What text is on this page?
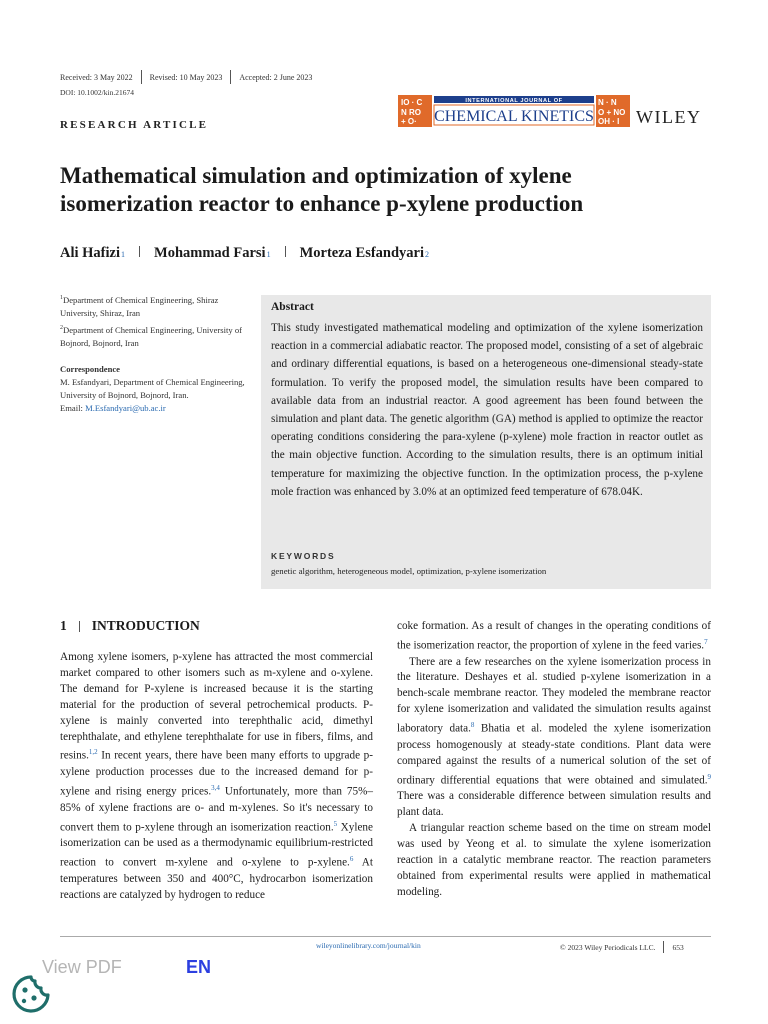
Received: 3 May 2022 Revised: 10 May 2023 Accepted: 2 June 2023
DOI: 10.1002/kin.21674
RESEARCH ARTICLE
IO · C
N RO
+ O·
N · N
O + NO
OH · I
INTERNATIONAL JOURNAL OF
CHEMICAL KINETICS WILEY
Mathematical simulation and optimization of xylene isomerization reactor to enhance p-xylene production
Ali Hafizi 1 Mohammad Farsi 1 Morteza Esfandyari 2
$^1$Department of Chemical Engineering, Shiraz University, Shiraz, Iran
$^2$Department of Chemical Engineering, University of Bojnord, Bojnord, Iran
Correspondence
M. Esfandyari, Department of Chemical Engineering, University of Bojnord, Bojnord, Iran.
Email: M.Esfandyari@ub.ac.ir
Abstract
This study investigated mathematical modeling and optimization of the xylene isomerization reaction in a commercial adiabatic reactor. The proposed model, consisting of a set of algebraic and ordinary differential equations, is based on a heterogeneous one-dimensional steady-state formulation. To verify the proposed model, the simulation results have been compared to available data from an industrial reactor. A good agreement has been found between the simulation and plant data. The genetic algorithm (GA) method is applied to optimize the reactor operating conditions considering the para-xylene (p-xylene) mole fraction in reactor outlet as the main objective function. According to the simulation results, there is an optimum initial temperature for maximizing the objective function. In the optimization process, the p-xylene mole fraction was enhanced by 3.0% at an optimized feed temperature of 678.04K.
KEYWORDS
genetic algorithm, heterogeneous model, optimization, p-xylene isomerization
1 INTRODUCTION

Among xylene isomers, p-xylene has attracted the most commercial market compared to other isomers such as m-xylene and o-xylene. The demand for P-xylene is increased because it is the starting material for the production of several petrochemical products. P-xylene is mainly converted into terephthalic acid, dimethyl terephthalate, and ethylene terephthalate for use in fibers, films, and resins.$^{1,2}$ In recent years, there have been many efforts to upgrade p-xylene production processes due to the increased demand for p-xylene and rising energy prices.$^{3,4}$ Unfortunately, more than 75%–85% of xylene fractions are o- and m-xylenes. So it's necessary to convert them to p-xylene through an isomerization reaction.$^5$ Xylene isomerization can be used as a thermodynamic equilibrium-restricted reaction to convert m-xylene and o-xylene to p-xylene.$^6$ At temperatures between 350 and 400°C, hydrocarbon isomerization reactions are catalyzed by hydrogen to reduce

coke formation. As a result of changes in the operating conditions of the isomerization reactor, the proportion of xylene in the feed varies.$^7$

There are a few researches on the xylene isomerization process in the literature. Deshayes et al. studied p-xylene isomerization in a bench-scale membrane reactor. They modeled the membrane reactor for xylene isomerization and validated the simulation results against laboratory data.$^8$ Bhatia et al. modeled the xylene isomerization process homogenously at steady-state conditions. Plant data were compared against the results of a numerical solution of the set of ordinary differential equations that were obtained and simulated.$^9$ There was a considerable difference between simulation results and plant data.

A triangular reaction scheme based on the time on stream model was used by Yeong et al. to simulate the xylene isomerization reaction in a catalytic membrane reactor. The reaction parameters obtained from experimental results were applied in mathematical modeling.

wileyonlinelibrary.com/journal/kin	© 2023 Wiley Periodicals LLC. 653
View PDF	EN
